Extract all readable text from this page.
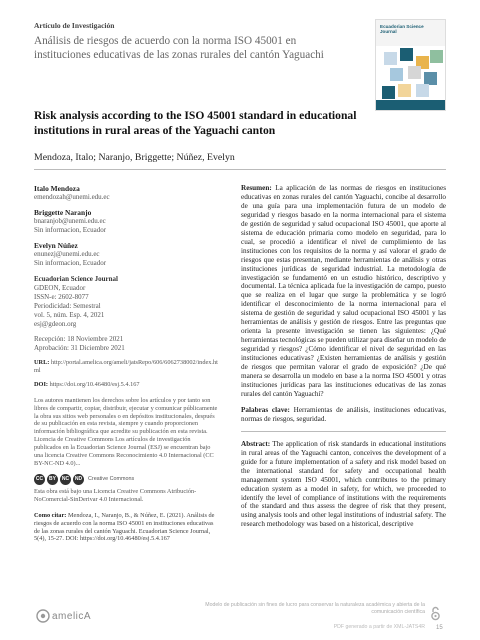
Artículo de Investigación
Análisis de riesgos de acuerdo con la norma ISO 45001 en instituciones educativas de las zonas rurales del cantón Yaguachi
Risk analysis according to the ISO 45001 standard in educational institutions in rural areas of the Yaguachi canton
Mendoza, Italo; Naranjo, Briggette; Núñez, Evelyn
Ecuadorian Science Journal
Italo Mendoza
emendozah@unemi.edu.ec
Briggette Naranjo
bnaranjob@unemi.edu.ec
Sin informacion, Ecuador
Evelyn Núñez
enunezj@unemi.edu.ec
Sin informacion, Ecuador
Ecuadorian Science Journal
GDEON, Ecuador
ISSN-e: 2602-8077
Periodicidad: Semestral
vol. 5, núm. Esp. 4, 2021
esj@gdeon.org
Recepción: 18 Noviembre 2021
Aprobación: 31 Diciembre 2021
URL: http://portal.amelica.org/ameli/jatsRepo/606/6062738002/index.html
DOI: https://doi.org/10.46480/esj.5.4.167
Los autores mantienen los derechos sobre los artículos y por tanto son libres de compartir, copiar, distribuir, ejecutar y comunicar públicamente la obra sus sitios web personales o en depósitos institucionales, después de su publicación en esta revista, siempre y cuando proporcionen información bibliográfica que acredite su publicación en esta revista. Licencia de Creative Commons Los artículos de investigación publicados en la Ecuadorian Science Journal (ESJ) se encuentran bajo una licencia Creative Commons Reconocimiento 4.0 Internacional (CC BY-NC-ND 4.0)...
CC	BY	NC	ND	Creative Commons
Esta obra está bajo una Licencia Creative Commons Atribución-NoComercial-SinDerivar 4.0 Internacional.
Como citar: Mendoza, I., Naranjo, B., & Núñez, E. (2021). Análisis de riesgos de acuerdo con la norma ISO 45001 en instituciones educativas de las zonas rurales del cantón Yaguachi. Ecuadorian Science Journal, 5(4), 15-27. DOI: https://doi.org/10.46480/esj.5.4.167
Resumen: La aplicación de las normas de riesgos en instituciones educativas en zonas rurales del cantón Yaguachi, concibe al desarrollo de una guía para una implementación futura de un modelo de seguridad y riesgos basado en la norma internacional para el sistema de gestión de seguridad y salud ocupacional ISO 45001, que aporte al sistema de educación primaria como modelo en seguridad, para lo cual, se procedió a identificar el nivel de cumplimiento de las instituciones con los requisitos de la norma y así valorar el grado de riesgos que estas presentan, mediante herramientas de análisis y otras instituciones jurídicas de seguridad industrial. La metodología de investigación se fundamentó en un estudio histórico, descriptivo y documental. La técnica aplicada fue la investigación de campo, puesto que se realiza en el lugar que surge la problemática y se logró identificar el desconocimiento de la norma internacional para el sistema de gestión de seguridad y salud ocupacional ISO 45001 y las herramientas de análisis y gestión de riesgos. Entre las preguntas que orienta la presente investigación se tienen las siguientes: ¿Qué herramientas tecnológicas se pueden utilizar para diseñar un modelo de seguridad y riesgos? ¿Cómo identificar el nivel de seguridad en las instituciones educativas? ¿Existen herramientas de análisis y gestión de riesgos que permitan valorar el grado de exposición? ¿De qué manera se desarrolla un modelo en base a la norma ISO 45001 y otras instituciones jurídicas para las instituciones educativas de las zonas rurales del cantón Yaguachi?
Palabras clave: Herramientas de análisis, instituciones educativas, normas de riesgos, seguridad.
Abstract: The application of risk standards in educational institutions in rural areas of the Yaguachi canton, conceives the development of a guide for a future implementation of a safety and risk model based on the international standard for safety and occupational health management system ISO 45001, which contributes to the primary education system as a model in safety, for which, we proceeded to identify the level of compliance of institutions with the requirements of the standard and thus assess the degree of risk that they present, using analysis tools and other legal institutions of industrial safety. The research methodology was based on a historical, descriptive
amelicA
Modelo de publicación sin fines de lucro para conservar la naturaleza académica y abierta de la comunicación científica
PDF generado a partir de XML-JATS4R 15
